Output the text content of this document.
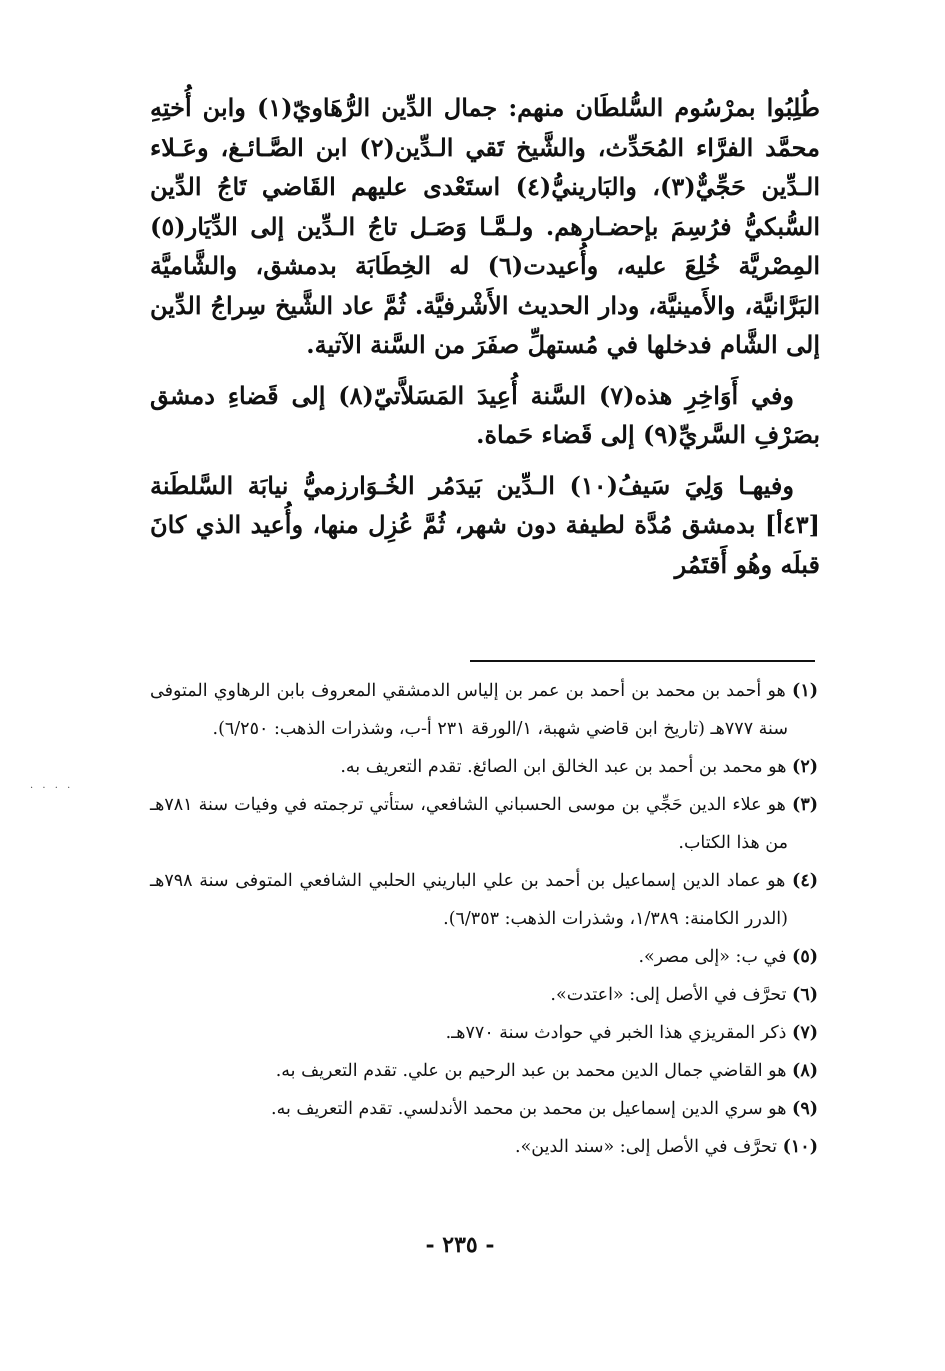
طُلِبُوا بمرْسُوم السُّلطَان منهم: جمال الدِّين الرُّهَاويّ(١) وابن أُختِهِ محمَّد الفرَّاء المُحَدِّث، والشَّيخ تَقي الـدِّين(٢) ابن الصَّـائـغ، وعَـلاء الـدِّين حَجِّيٌّ(٣)، والبَارينيُّ(٤) استَعْدى عليهم القَاضي تَاجُ الدِّين السُّبكيُّ فرُسِمَ بإحضـارهم. ولـمَّـا وَصَـل تاجُ الـدِّين إلى الدِّيَار(٥) المِصْريَّة خُلِعَ عليه، وأُعيدت(٦) له الخِطَابَة بدمشق، والشَّاميَّة البَرَّانيَّة، والأَمينيَّة، ودار الحديث الأَشْرفيَّة. ثُمَّ عاد الشَّيخ سِراجُ الدِّين إلى الشَّام فدخلها في مُستهلِّ صفَرَ من السَّنة الآتية.

وفي أَوَاخِرِ هذه(٧) السَّنة أُعِيدَ المَسَلاَّتيّ(٨) إلى قَضاءِ دمشق بصَرْفِ السَّريِّ(٩) إلى قَضاء حَماة.

وفيهـا وَلِيَ سَيفُ(١٠) الـدِّين بَيدَمُر الخُـوَارزميُّ نيابَة السَّلطَنة [٤٣أ] بدمشق مُدَّة لطيفة دون شهر، ثُمَّ عُزِل منها، وأُعيد الذي كانَ قبلَه وهُو أَقتَمُر

(١) هو أحمد بن محمد بن أحمد بن عمر بن إلياس الدمشقي المعروف بابن الرهاوي المتوفى سنة ٧٧٧هـ (تاريخ ابن قاضي شهبة، ١/الورقة ٢٣١ أ-ب، وشذرات الذهب: ٦/٢٥٠).

(٢) هو محمد بن أحمد بن عبد الخالق ابن الصائغ. تقدم التعريف به.

(٣) هو علاء الدين حَجِّي بن موسى الحسباني الشافعي، ستأتي ترجمته في وفيات سنة ٧٨١هـ من هذا الكتاب.

(٤) هو عماد الدين إسماعيل بن أحمد بن علي الباريني الحلبي الشافعي المتوفى سنة ٧٩٨هـ (الدرر الكامنة: ١/٣٨٩، وشذرات الذهب: ٦/٣٥٣).

(٥) في ب: «إلى مصر».

(٦) تحرَّف في الأصل إلى: «اعتدت».

(٧) ذكر المقريزي هذا الخبر في حوادث سنة ٧٧٠هـ.

(٨) هو القاضي جمال الدين محمد بن عبد الرحيم بن علي. تقدم التعريف به.

(٩) هو سري الدين إسماعيل بن محمد بن محمد الأندلسي. تقدم التعريف به.

(١٠) تحرَّف في الأصل إلى: «سند الدين».

- ٢٣٥ -
· · · ·
